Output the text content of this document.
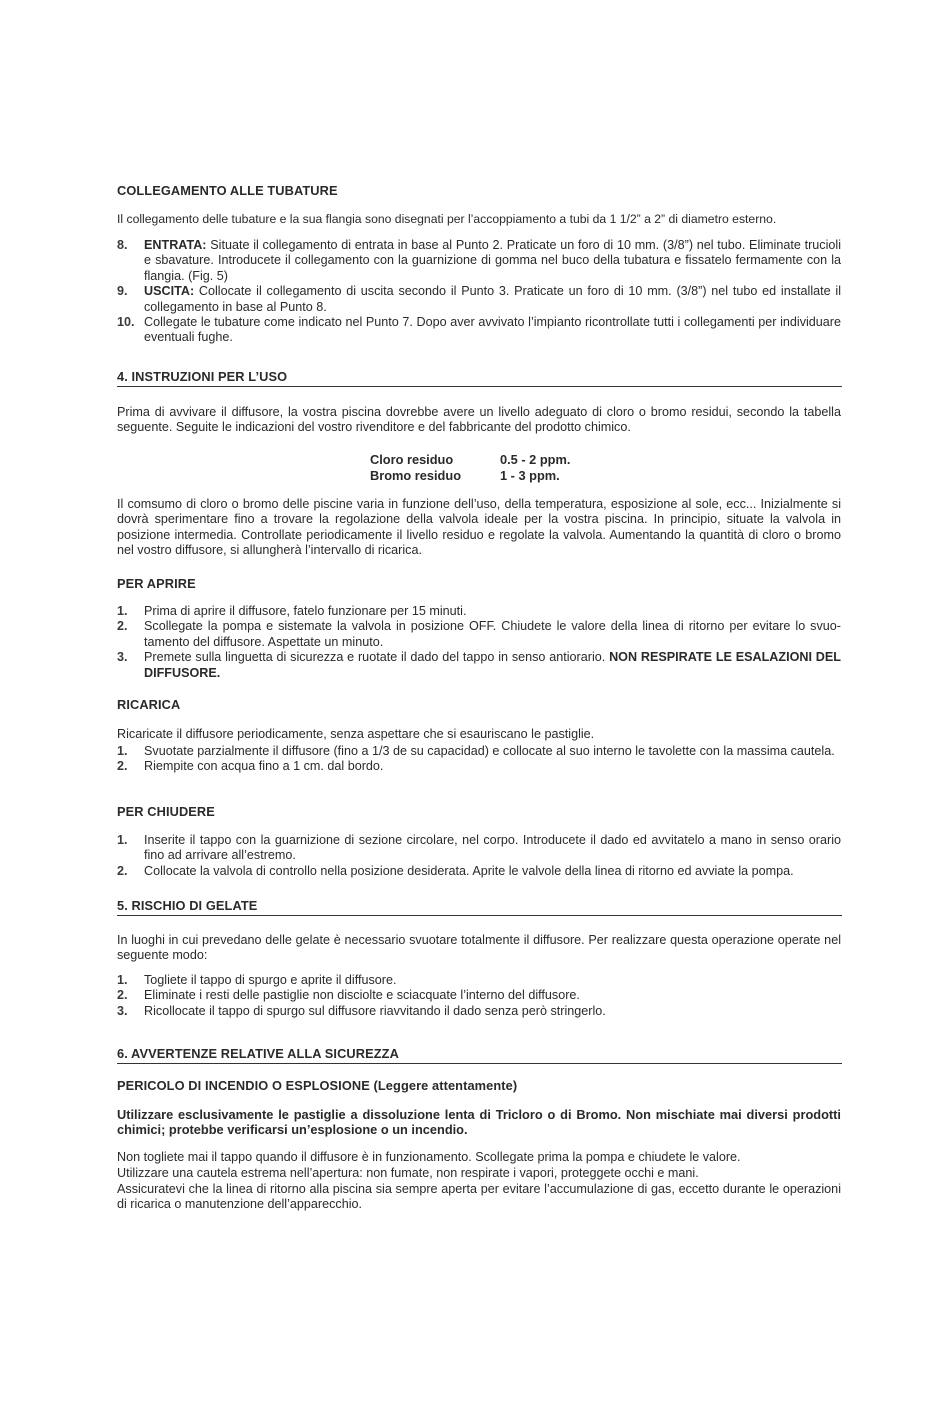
COLLEGAMENTO ALLE TUBATURE

Il collegamento delle tubature e la sua flangia sono disegnati per l’accoppiamento a tubi da 1 1/2” a 2” di diametro esterno.

8. ENTRATA: Situate il collegamento di entrata in base al Punto 2. Praticate un foro di 10 mm. (3/8”) nel tubo. Eliminate trucioli e sbavature. Introducete il collegamento con la guarnizione di gomma nel buco della tubatura e fissatelo fermamente con la flangia. (Fig. 5)
9. USCITA: Collocate il collegamento di uscita secondo il Punto 3. Praticate un foro di 10 mm. (3/8”) nel tubo ed installate il collegamento in base al Punto 8.
10. Collegate le tubature come indicato nel Punto 7. Dopo aver avvivato l’impianto ricontrollate tutti i collegamenti per individuare eventuali fughe.
4. INSTRUZIONI PER L’USO

Prima di avvivare il diffusore, la vostra piscina dovrebbe avere un livello adeguato di cloro o bromo residui, secondo la tabella seguente. Seguite le indicazioni del vostro rivenditore e del fabbricante del prodotto chimico.

Cloro residuo	0.5 - 2 ppm.
Bromo residuo	1 - 3 ppm.

Il comsumo di cloro o bromo delle piscine varia in funzione dell’uso, della temperatura, esposizione al sole, ecc... Inizialmente si dovrà sperimentare fino a trovare la regolazione della valvola ideale per la vostra piscina. In principio, situate la valvola in posizione intermedia. Controllate periodicamente il livello residuo e regolate la valvola. Aumentando la quantità di cloro o bromo nel vostro diffusore, si allungherà l’intervallo di ricarica.

PER APRIRE
1. Prima di aprire il diffusore, fatelo funzionare per 15 minuti.
2. Scollegate la pompa e sistemate la valvola in posizione OFF. Chiudete le valore della linea di ritorno per evitare lo svuotamento del diffusore. Aspettate un minuto.
3. Premete sulla linguetta di sicurezza e ruotate il dado del tappo in senso antiorario. NON RESPIRATE LE ESALAZIONI DEL DIFFUSORE.
RICARICA

Ricaricate il diffusore periodicamente, senza aspettare che si esauriscano le pastiglie.

1. Svuotate parzialmente il diffusore (fino a 1/3 de su capacidad) e collocate al suo interno le tavolette con la massima cautela.
2. Riempite con acqua fino a 1 cm. dal bordo.
PER CHIUDERE
1. Inserite il tappo con la guarnizione di sezione circolare, nel corpo. Introducete il dado ed avvitatelo a mano in senso orario fino ad arrivare all’estremo.
2. Collocate la valvola di controllo nella posizione desiderata. Aprite le valvole della linea di ritorno ed avviate la pompa.
5. RISCHIO DI GELATE

In luoghi in cui prevedano delle gelate è necessario svuotare totalmente il diffusore. Per realizzare questa operazione operate nel seguente modo:

1. Togliete il tappo di spurgo e aprite il diffusore.
2. Eliminate i resti delle pastiglie non disciolte e sciacquate l’interno del diffusore.
3. Ricollocate il tappo di spurgo sul diffusore riavvitando il dado senza però stringerlo.
6. AVVERTENZE RELATIVE ALLA SICUREZZA
PERICOLO DI INCENDIO O ESPLOSIONE (Leggere attentamente)

Utilizzare esclusivamente le pastiglie a dissoluzione lenta di Tricloro o di Bromo. Non mischiate mai diversi prodotti chimici; protebbe verificarsi un’esplosione o un incendio.

Non togliete mai il tappo quando il diffusore è in funzionamento. Scollegate prima la pompa e chiudete le valore.

Utilizzare una cautela estrema nell’apertura: non fumate, non respirate i vapori, proteggete occhi e mani.

Assicuratevi che la linea di ritorno alla piscina sia sempre aperta per evitare l’accumulazione di gas, eccetto durante le operazioni di ricarica o manutenzione dell’apparecchio.
